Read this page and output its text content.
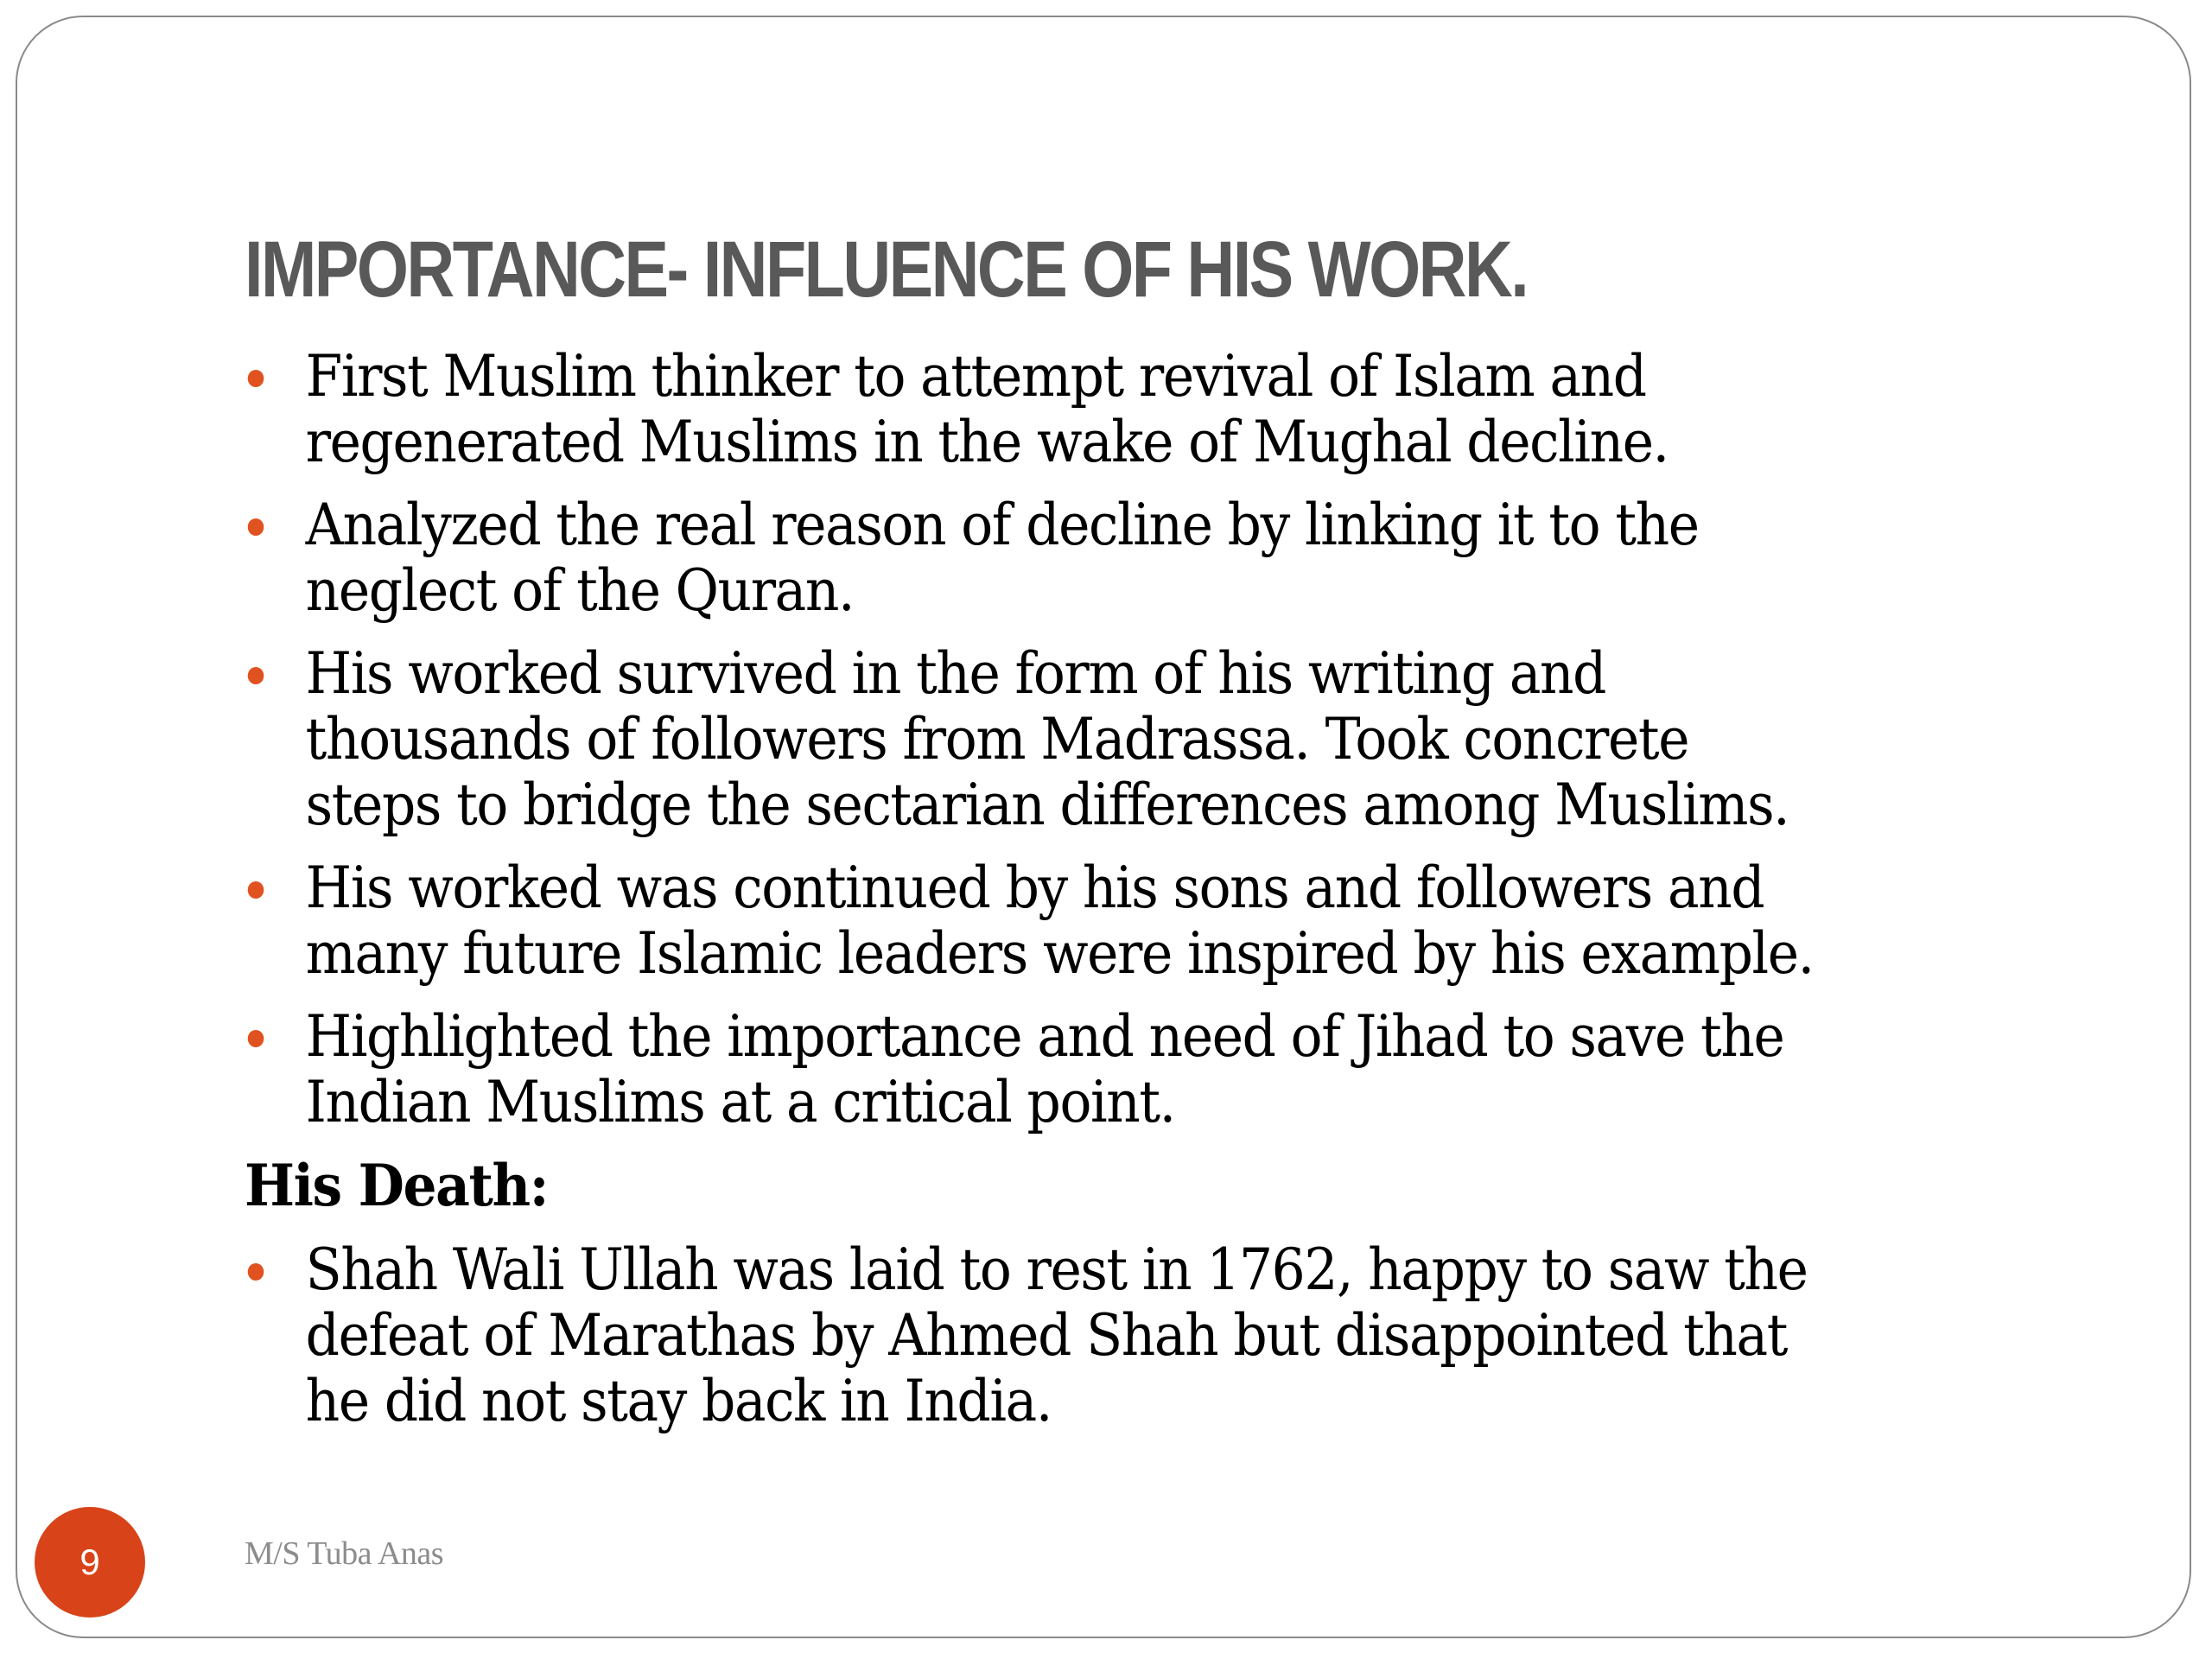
IMPORTANCE- INFLUENCE OF HIS WORK.
First Muslim thinker to attempt revival of Islam and
regenerated Muslims in the wake of Mughal decline.
Analyzed the real reason of decline by linking it to the
neglect of the Quran.
His worked survived in the form of his writing and
thousands of followers from Madrassa. Took concrete
steps to bridge the sectarian differences among Muslims.
His worked was continued by his sons and followers and
many future Islamic leaders were inspired by his example.
Highlighted the importance and need of Jihad to save the
Indian Muslims at a critical point.
His Death:
Shah Wali Ullah was laid to rest in 1762, happy to saw the
defeat of Marathas by Ahmed Shah but disappointed that
he did not stay back in India.
9	M/S Tuba Anas
